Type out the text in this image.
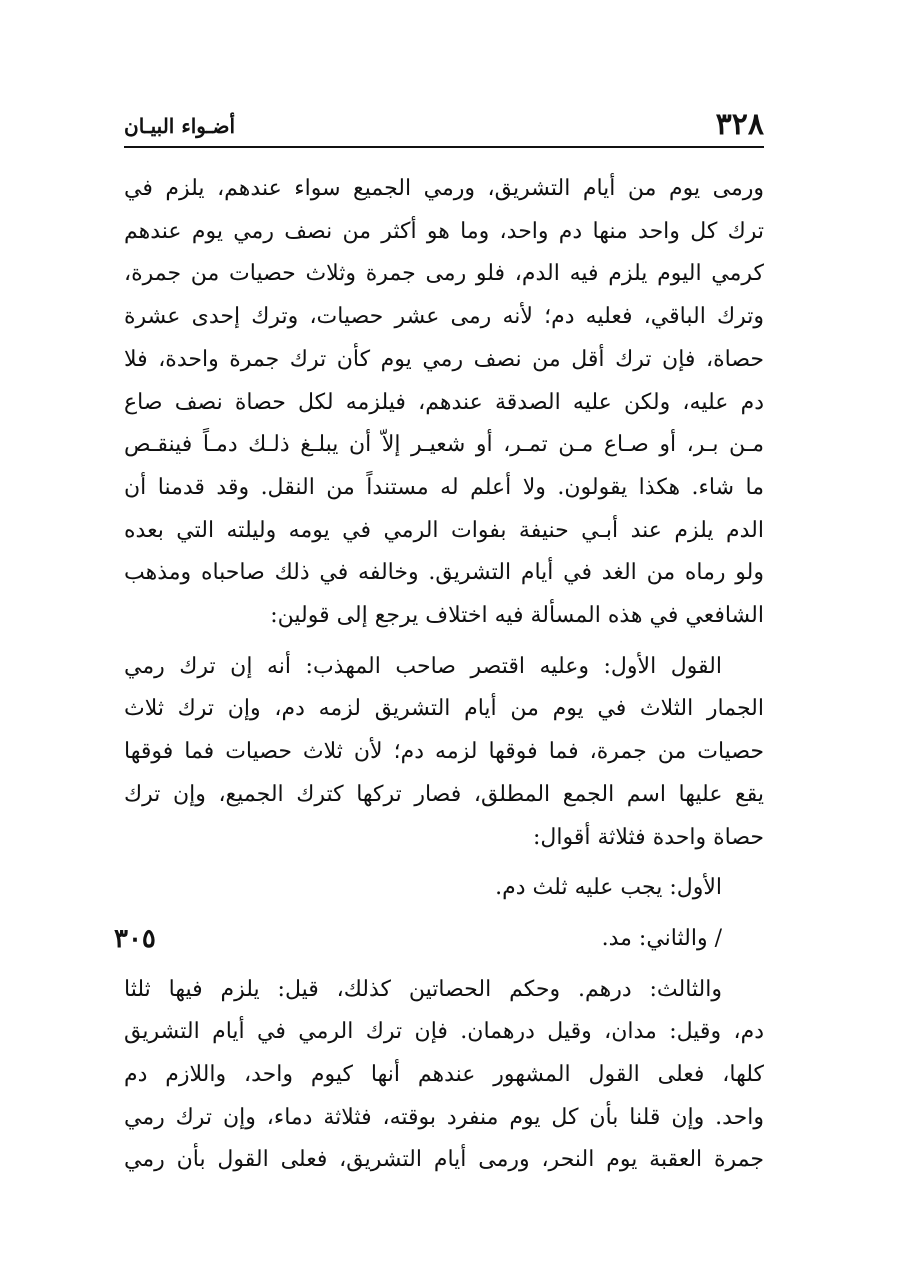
٣٢٨
أضـواء البيـان
ورمى يوم من أيام التشريق، ورمي الجميع سواء عندهم، يلزم في
ترك كل واحد منها دم واحد، وما هو أكثر من نصف رمي يوم عندهم
كرمي اليوم يلزم فيه الدم، فلو رمى جمرة وثلاث حصيات من جمرة،
وترك الباقي، فعليه دم؛ لأنه رمى عشر حصيات، وترك إحدى عشرة
حصاة، فإن ترك أقل من نصف رمي يوم كأن ترك جمرة واحدة، فلا
دم عليه، ولكن عليه الصدقة عندهم، فيلزمه لكل حصاة نصف صاع
مـن بـر، أو صـاع مـن تمـر، أو شعيـر إلاّ أن يبلـغ ذلـك دمـاً فينقـص
ما شاء. هكذا يقولون. ولا أعلم له مستنداً من النقل. وقد قدمنا أن
الدم يلزم عند أبـي حنيفة بفوات الرمي في يومه وليلته التي بعده
ولو رماه من الغد في أيام التشريق. وخالفه في ذلك صاحباه ومذهب
الشافعي في هذه المسألة فيه اختلاف يرجع إلى قولين:
القول الأول: وعليه اقتصر صاحب المهذب: أنه إن ترك رمي
الجمار الثلاث في يوم من أيام التشريق لزمه دم، وإن ترك ثلاث
حصيات من جمرة، فما فوقها لزمه دم؛ لأن ثلاث حصيات فما فوقها
يقع عليها اسم الجمع المطلق، فصار تركها كترك الجميع، وإن ترك
حصاة واحدة فثلاثة أقوال:
الأول: يجب عليه ثلث دم.
/ والثاني: مد.
٣٠٥
والثالث: درهم. وحكم الحصاتين كذلك، قيل: يلزم فيها ثلثا
دم، وقيل: مدان، وقيل درهمان. فإن ترك الرمي في أيام التشريق
كلها، فعلى القول المشهور عندهم أنها كيوم واحد، واللازم دم
واحد. وإن قلنا بأن كل يوم منفرد بوقته، فثلاثة دماء، وإن ترك رمي
جمرة العقبة يوم النحر، ورمى أيام التشريق، فعلى القول بأن رمي
